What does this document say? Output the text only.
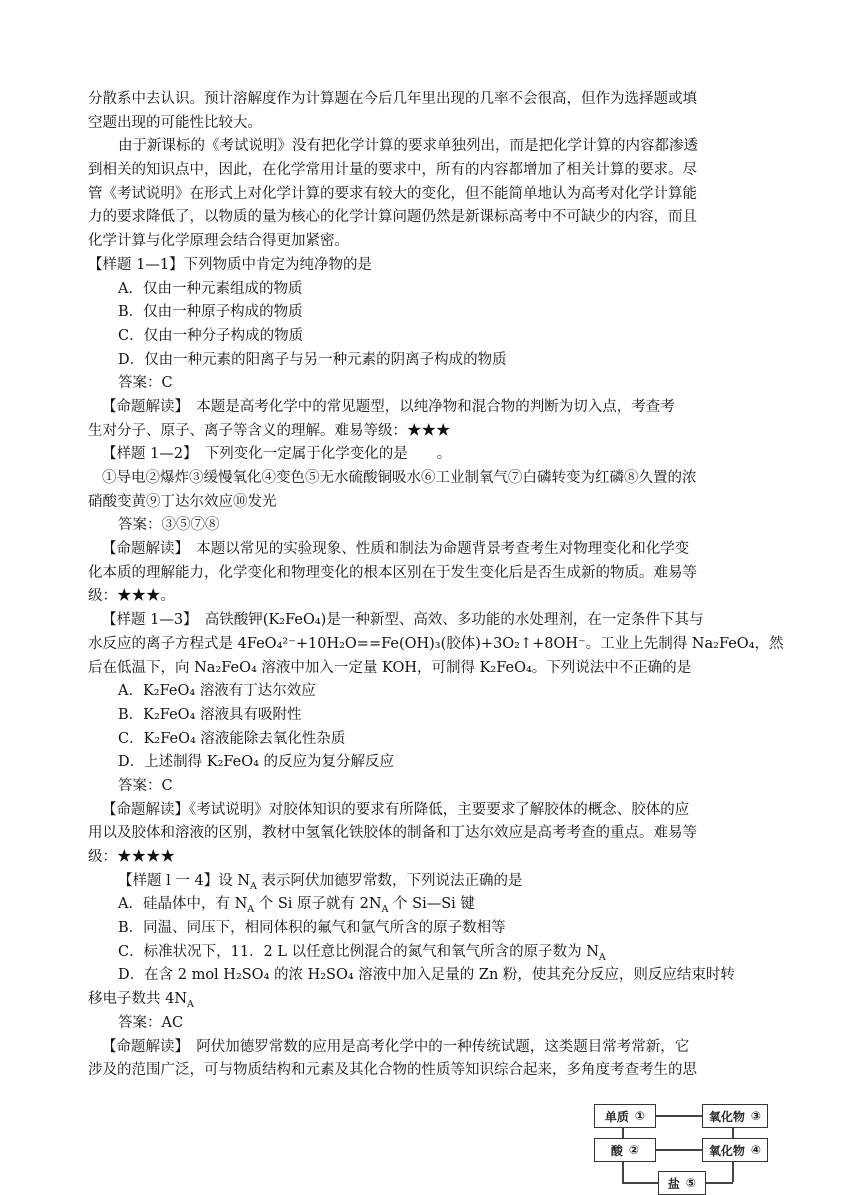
分散系中去认识。预计溶解度作为计算题在今后几年里出现的几率不会很高，但作为选择题或填
空题出现的可能性比较大。
由于新课标的《考试说明》没有把化学计算的要求单独列出，而是把化学计算的内容都渗透
到相关的知识点中，因此，在化学常用计量的要求中，所有的内容都增加了相关计算的要求。尽
管《考试说明》在形式上对化学计算的要求有较大的变化，但不能简单地认为高考对化学计算能
力的要求降低了，以物质的量为核心的化学计算问题仍然是新课标高考中不可缺少的内容，而且
化学计算与化学原理会结合得更加紧密。
【样题 1—1】下列物质中肯定为纯净物的是
A．仅由一种元素组成的物质
B．仅由一种原子构成的物质
C．仅由一种分子构成的物质
D．仅由一种元素的阳离子与另一种元素的阴离子构成的物质
答案：C
【命题解读】　本题是高考化学中的常见题型，以纯净物和混合物的判断为切入点，考查考
生对分子、原子、离子等含义的理解。难易等级：★★★
【样题 1—2】　下列变化一定属于化学变化的是　　。
①导电②爆炸③缓慢氧化④变色⑤无水硫酸铜吸水⑥工业制氧气⑦白磷转变为红磷⑧久置的浓
硝酸变黄⑨丁达尔效应⑩发光
答案：③⑤⑦⑧
【命题解读】　本题以常见的实验现象、性质和制法为命题背景考查考生对物理变化和化学变
化本质的理解能力，化学变化和物理变化的根本区别在于发生变化后是否生成新的物质。难易等
级：★★★。
【样题 1—3】　高铁酸钾(K₂FeO₄)是一种新型、高效、多功能的水处理剂，在一定条件下其与
水反应的离子方程式是 4FeO₄²⁻+10H₂O==Fe(OH)₃(胶体)+3O₂↑+8OH⁻。工业上先制得 Na₂FeO₄，然
后在低温下，向 Na₂FeO₄ 溶液中加入一定量 KOH，可制得 K₂FeO₄。下列说法中不正确的是
A．K₂FeO₄ 溶液有丁达尔效应
B．K₂FeO₄ 溶液具有吸附性
C．K₂FeO₄ 溶液能除去氧化性杂质
D．上述制得 K₂FeO₄ 的反应为复分解反应
答案：C
【命题解读】《考试说明》对胶体知识的要求有所降低，主要要求了解胶体的概念、胶体的应
用以及胶体和溶液的区别，教材中氢氧化铁胶体的制备和丁达尔效应是高考考查的重点。难易等
级：★★★★
【样题 l 一 4】设 $N_A$ 表示阿伏加德罗常数，下列说法正确的是
A．硅晶体中，有 $N_A$ 个 Si 原子就有 $2N_A$ 个 Si—Si 键
B．同温、同压下，相同体积的氟气和氩气所含的原子数相等
C．标准状况下，11．2 L 以任意比例混合的氮气和氧气所含的原子数为 $N_A$
D．在含 2 mol H₂SO₄ 的浓 H₂SO₄ 溶液中加入足量的 Zn 粉，使其充分反应，则反应结束时转
移电子数共 $4N_A$
答案：AC
【命题解读】　阿伏加德罗常数的应用是高考化学中的一种传统试题，这类题目常考常新，它
涉及的范围广泛，可与物质结构和元素及其化合物的性质等知识综合起来，多角度考查考生的思
单质 ①	氧化物 ③
酸 ②	氧化物 ④
盐 ⑤
